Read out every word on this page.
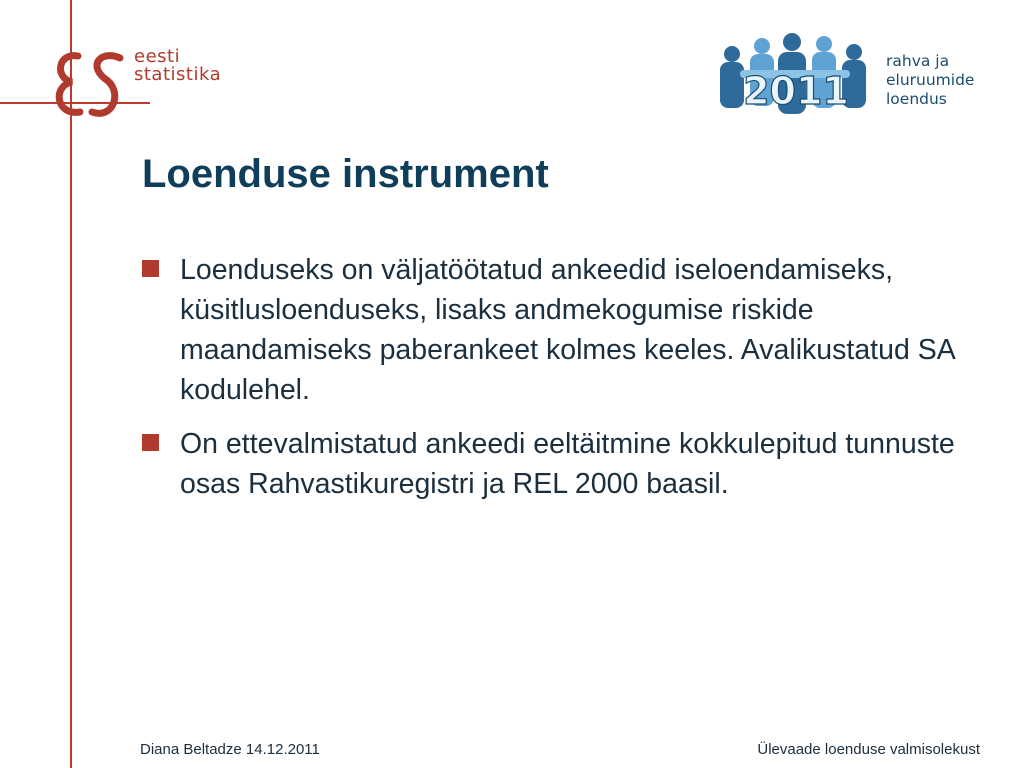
eesti
statistika	2011
rahva ja
eluruumide
loendus
Loenduse instrument
Loenduseks on väljatöötatud ankeedid iseloendamiseks, küsitlusloenduseks, lisaks andmekogumise riskide maandamiseks paberankeet kolmes keeles. Avalikustatud SA kodulehel.
On ettevalmistatud ankeedi eeltäitmine kokkulepitud tunnuste osas Rahvastikuregistri ja REL 2000 baasil.
Diana Beltadze 14.12.2011	Ülevaade loenduse valmisolekust
